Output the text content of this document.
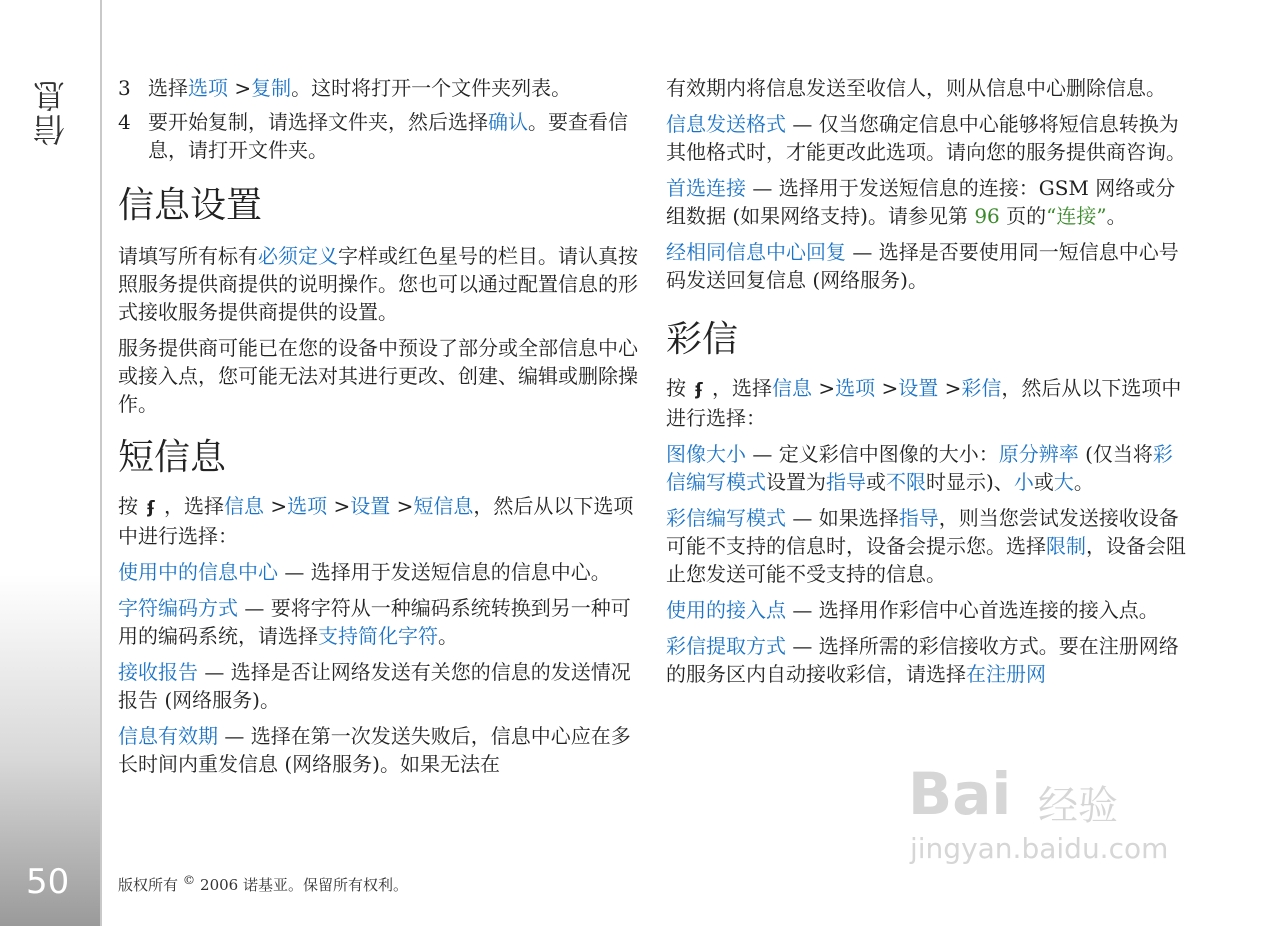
信息
50
3 选择选项 >复制。这时将打开一个文件夹列表。
4 要开始复制，请选择文件夹，然后选择确认。要查看信息，请打开文件夹。
信息设置

请填写所有标有必须定义字样或红色星号的栏目。请认真按照服务提供商提供的说明操作。您也可以通过配置信息的形式接收服务提供商提供的设置。

服务提供商可能已在您的设备中预设了部分或全部信息中心或接入点，您可能无法对其进行更改、创建、编辑或删除操作。

短信息

按 ʄ ，选择信息 >选项 >设置 >短信息，然后从以下选项中进行选择：

使用中的信息中心 — 选择用于发送短信息的信息中心。

字符编码方式 — 要将字符从一种编码系统转换到另一种可用的编码系统，请选择支持简化字符。

接收报告 — 选择是否让网络发送有关您的信息的发送情况报告 (网络服务)。

信息有效期 — 选择在第一次发送失败后，信息中心应在多长时间内重发信息 (网络服务)。如果无法在

有效期内将信息发送至收信人，则从信息中心删除信息。

信息发送格式 — 仅当您确定信息中心能够将短信息转换为其他格式时，才能更改此选项。请向您的服务提供商咨询。

首选连接 — 选择用于发送短信息的连接：GSM 网络或分组数据 (如果网络支持)。请参见第 96 页的“连接”。

经相同信息中心回复 — 选择是否要使用同一短信息中心号码发送回复信息 (网络服务)。

彩信

按 ʄ ，选择信息 >选项 >设置 >彩信，然后从以下选项中进行选择：

图像大小 — 定义彩信中图像的大小：原分辨率 (仅当将彩信编写模式设置为指导或不限时显示)、小或大。

彩信编写模式 — 如果选择指导，则当您尝试发送接收设备可能不支持的信息时，设备会提示您。选择限制，设备会阻止您发送可能不受支持的信息。

使用的接入点 — 选择用作彩信中心首选连接的接入点。

彩信提取方式 — 选择所需的彩信接收方式。要在注册网络的服务区内自动接收彩信，请选择在注册网

版权所有 © 2006 诺基亚。保留所有权利。
Bai 经验
jingyan.baidu.com
